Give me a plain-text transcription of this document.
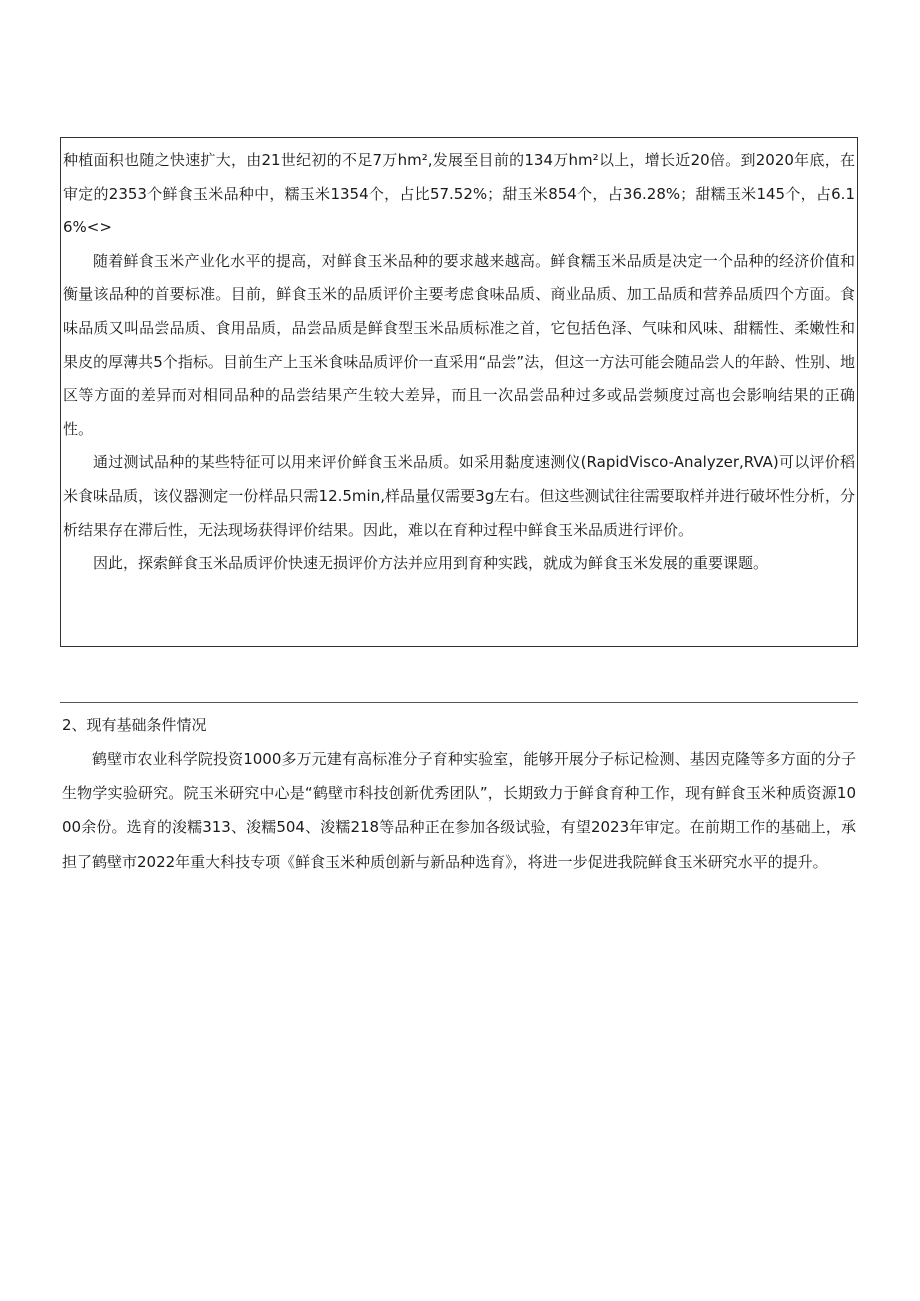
种植面积也随之快速扩大，由21世纪初的不足7万hm²,发展至目前的134万hm²以上，增长近20倍。到2020年底，在审定的2353个鲜食玉米品种中，糯玉米1354个，占比57.52%；甜玉米854个，占36.28%；甜糯玉米145个，占6.16%<>

随着鲜食玉米产业化水平的提高，对鲜食玉米品种的要求越来越高。鲜食糯玉米品质是决定一个品种的经济价值和衡量该品种的首要标准。目前，鲜食玉米的品质评价主要考虑食味品质、商业品质、加工品质和营养品质四个方面。食味品质又叫品尝品质、食用品质，品尝品质是鲜食型玉米品质标准之首，它包括色泽、气味和风味、甜糯性、柔嫩性和果皮的厚薄共5个指标。目前生产上玉米食味品质评价一直采用“品尝”法，但这一方法可能会随品尝人的年龄、性别、地区等方面的差异而对相同品种的品尝结果产生较大差异，而且一次品尝品种过多或品尝频度过高也会影响结果的正确性。

通过测试品种的某些特征可以用来评价鲜食玉米品质。如采用黏度速测仪(RapidVisco-Analyzer,RVA)可以评价稻米食味品质，该仪器测定一份样品只需12.5min,样品量仅需要3g左右。但这些测试往往需要取样并进行破坏性分析，分析结果存在滞后性，无法现场获得评价结果。因此，难以在育种过程中鲜食玉米品质进行评价。

因此，探索鲜食玉米品质评价快速无损评价方法并应用到育种实践，就成为鲜食玉米发展的重要课题。

2、现有基础条件情况

鹤壁市农业科学院投资1000多万元建有高标准分子育种实验室，能够开展分子标记检测、基因克隆等多方面的分子生物学实验研究。院玉米研究中心是“鹤壁市科技创新优秀团队”，长期致力于鲜食育种工作，现有鲜食玉米种质资源1000余份。选育的浚糯313、浚糯504、浚糯218等品种正在参加各级试验，有望2023年审定。在前期工作的基础上，承担了鹤壁市2022年重大科技专项《鲜食玉米种质创新与新品种选育》，将进一步促进我院鲜食玉米研究水平的提升。
